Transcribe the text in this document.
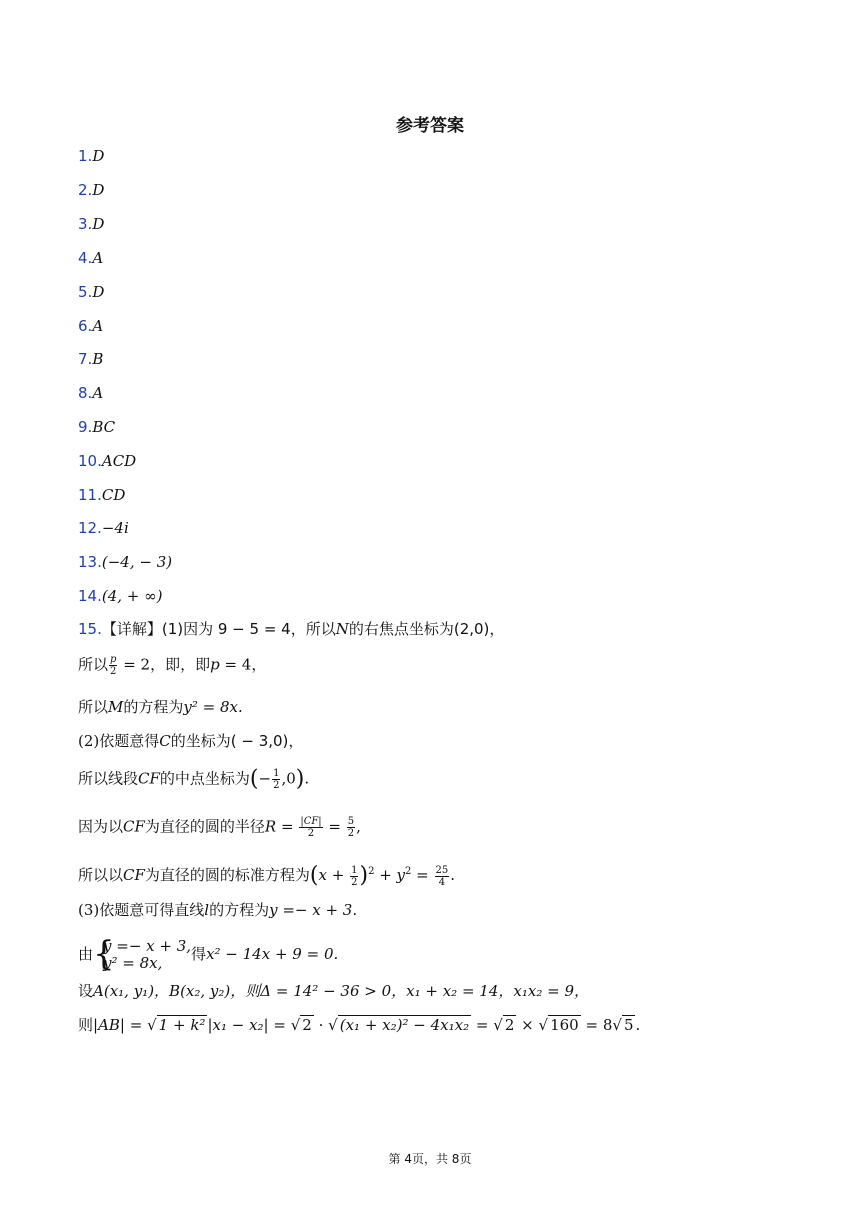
参考答案
1.D
2.D
3.D
4.A
5.D
6.A
7.B
8.A
9.BC
10.ACD
11.CD
12.−4i
13.(−4, − 3)
14.(4, + ∞)
15.【详解】(1)因为 9 − 5 = 4，所以N的右焦点坐标为(2,0)，
所以 $\frac{p}{2} = 2$，即，即p = 4，
所以M的方程为y² = 8x.
(2)依题意得C的坐标为( − 3,0)，
所以线段CF的中点坐标为(− $\frac{1}{2} ,0$).
因为以CF为直径的圆的半径$R = \frac{|CF|}{2} = \frac{5}{2}$ ,
所以以CF为直径的圆的标准方程为$(x + \frac{1}{2} )^2 + y^2 = \frac{25}{4}$ .
(3)依题意可得直线l的方程为y =− x + 3.
由 {
y =− x + 3,
y² = 8x,	得x² − 14x + 9 = 0.
设A(x₁, y₁)，B(x₂, y₂)，则Δ = 14² − 36 > 0，x₁ + x₂ = 14，x₁x₂ = 9，
则|AB| = √ 1 + k² |x₁ − x₂| = √ 2 · √ (x₁ + x₂)² − 4x₁x₂ = √ 2 × √ 160 = 8√ 5 .
第 4页，共 8页
